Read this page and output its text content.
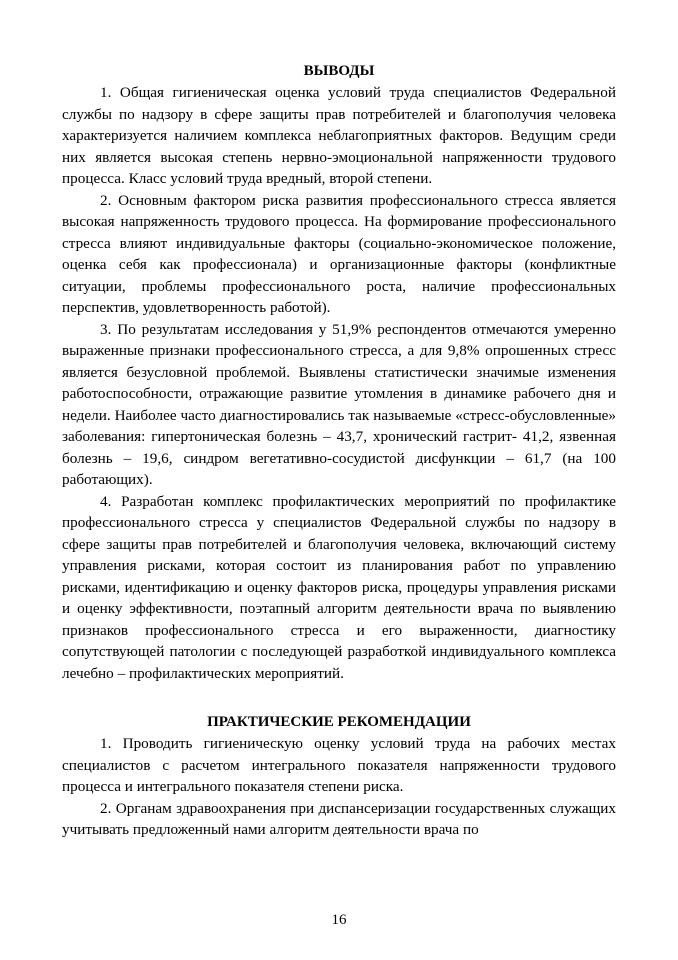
ВЫВОДЫ

1. Общая гигиеническая оценка условий труда специалистов Федеральной службы по надзору в сфере защиты прав потребителей и благополучия человека характеризуется наличием комплекса неблагоприятных факторов. Ведущим среди них является высокая степень нервно-эмоциональной напряженности трудового процесса. Класс условий труда вредный, второй степени.

2. Основным фактором риска развития профессионального стресса является высокая напряженность трудового процесса. На формирование профессионального стресса влияют индивидуальные факторы (социально-экономическое положение, оценка себя как профессионала) и организационные факторы (конфликтные ситуации, проблемы профессионального роста, наличие профессиональных перспектив, удовлетворенность работой).

3. По результатам исследования у 51,9% респондентов отмечаются умеренно выраженные признаки профессионального стресса, а для 9,8% опрошенных стресс является безусловной проблемой. Выявлены статистически значимые изменения работоспособности, отражающие развитие утомления в динамике рабочего дня и недели. Наиболее часто диагностировались так называемые «стресс-обусловленные» заболевания: гипертоническая болезнь – 43,7, хронический гастрит- 41,2, язвенная болезнь – 19,6, синдром вегетативно-сосудистой дисфункции – 61,7 (на 100 работающих).

4. Разработан комплекс профилактических мероприятий по профилактике профессионального стресса у специалистов Федеральной службы по надзору в сфере защиты прав потребителей и благополучия человека, включающий систему управления рисками, которая состоит из планирования работ по управлению рисками, идентификацию и оценку факторов риска, процедуры управления рисками и оценку эффективности, поэтапный алгоритм деятельности врача по выявлению признаков профессионального стресса и его выраженности, диагностику сопутствующей патологии с последующей разработкой индивидуального комплекса лечебно – профилактических мероприятий.

ПРАКТИЧЕСКИЕ РЕКОМЕНДАЦИИ

1. Проводить гигиеническую оценку условий труда на рабочих местах специалистов с расчетом интегрального показателя напряженности трудового процесса и интегрального показателя степени риска.

2. Органам здравоохранения при диспансеризации государственных служащих учитывать предложенный нами алгоритм деятельности врача по

16
